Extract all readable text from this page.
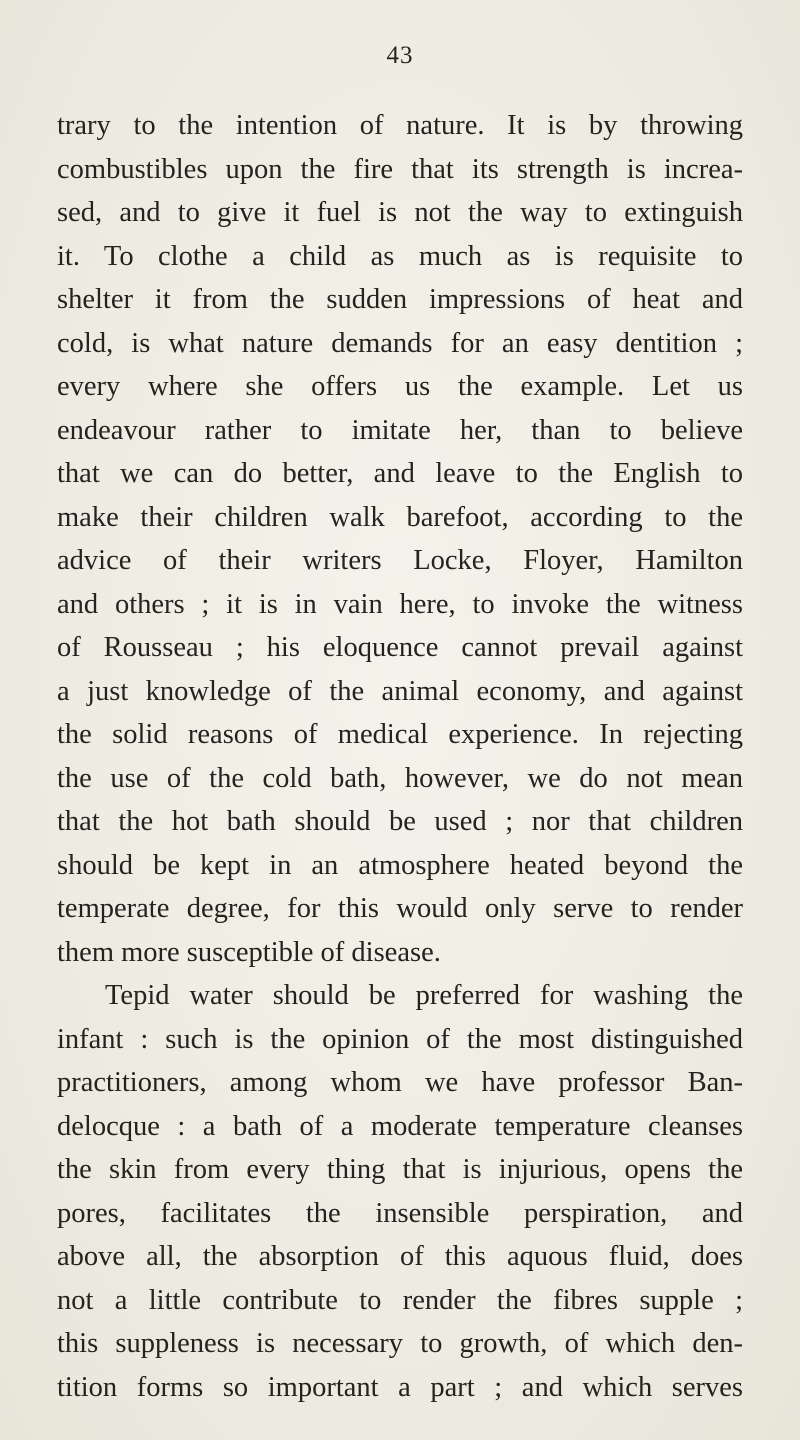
43
trary to the intention of nature. It is by throwing
combustibles upon the fire that its strength is increa-
sed, and to give it fuel is not the way to extinguish
it. To clothe a child as much as is requisite to
shelter it from the sudden impressions of heat and
cold, is what nature demands for an easy dentition ;
every where she offers us the example. Let us
endeavour rather to imitate her, than to believe
that we can do better, and leave to the English to
make their children walk barefoot, according to the
advice of their writers Locke, Floyer, Hamilton
and others ; it is in vain here, to invoke the witness
of Rousseau ; his eloquence cannot prevail against
a just knowledge of the animal economy, and against
the solid reasons of medical experience. In rejecting
the use of the cold bath, however, we do not mean
that the hot bath should be used ; nor that children
should be kept in an atmosphere heated beyond the
temperate degree, for this would only serve to render
them more susceptible of disease.
Tepid water should be preferred for washing the
infant : such is the opinion of the most distinguished
practitioners, among whom we have professor Ban-
delocque : a bath of a moderate temperature cleanses
the skin from every thing that is injurious, opens the
pores, facilitates the insensible perspiration, and
above all, the absorption of this aquous fluid, does
not a little contribute to render the fibres supple ;
this suppleness is necessary to growth, of which den-
tition forms so important a part ; and which serves
